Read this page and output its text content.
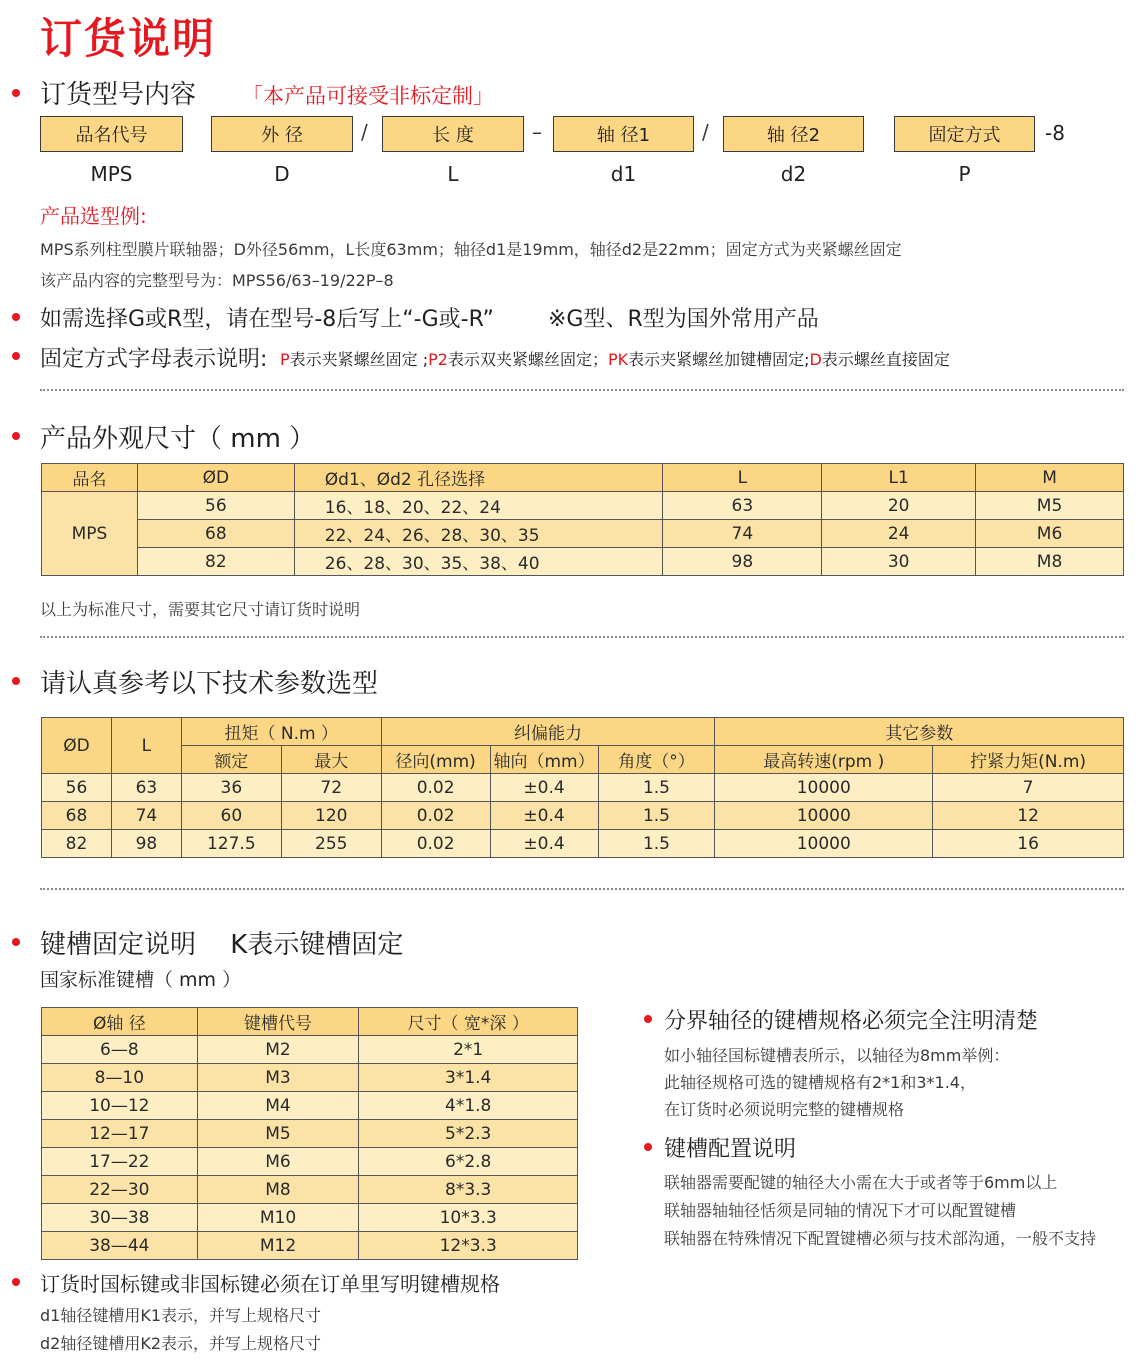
订货说明
订货型号内容 「本产品可接受非标定制」
品名代号	外 径	长 度	轴 径1	轴 径2	固定方式
/	–	/	-8
MPS	D	L	d1	d2	P
产品选型例:
MPS系列柱型膜片联轴器；D外径56mm，L长度63mm；轴径d1是19mm，轴径d2是22mm；固定方式为夹紧螺丝固定
该产品内容的完整型号为：MPS56/63–19/22P–8
如需选择G或R型，请在型号-8后写上“-G或-R” ※G型、R型为国外常用产品
固定方式字母表示说明: P表示夹紧螺丝固定 ;P2表示双夹紧螺丝固定；PK表示夹紧螺丝加键槽固定;D表示螺丝直接固定
产品外观尺寸（ mm ）
品名	ØD	Ød1、Ød2 孔径选择	L	L1	M
MPS	56	16、18、20、22、24	63	20	M5
	68	22、24、26、28、30、35	74	24	M6
	82	26、28、30、35、38、40	98	30	M8
以上为标准尺寸，需要其它尺寸请订货时说明
请认真参考以下技术参数选型
ØD	L	扭矩（ N.m ）		纠偏能力			其它参数	
		额定	最大	径向(mm)	轴向（mm）	角度（°）	最高转速(rpm )	拧紧力矩(N.m)
56	63	36	72	0.02	±0.4	1.5	10000	7
68	74	60	120	0.02	±0.4	1.5	10000	12
82	98	127.5	255	0.02	±0.4	1.5	10000	16
键槽固定说明　 K表示键槽固定
国家标准键槽（ mm ）
Ø轴 径	键槽代号	尺寸（ 宽*深 ）
6—8	M2	2*1
8—10	M3	3*1.4
10—12	M4	4*1.8
12—17	M5	5*2.3
17—22	M6	6*2.8
22—30	M8	8*3.3
30—38	M10	10*3.3
38—44	M12	12*3.3
分界轴径的键槽规格必须完全注明清楚
如小轴径国标键槽表所示，以轴径为8mm举例：
此轴径规格可选的键槽规格有2*1和3*1.4，
在订货时必须说明完整的键槽规格
键槽配置说明
联轴器需要配键的轴径大小需在大于或者等于6mm以上
联轴器轴轴径恬须是同轴的情况下才可以配置键槽
联轴器在特殊情况下配置键槽必须与技术部沟通，一般不支持
订货时国标键或非国标键必须在订单里写明键槽规格
d1轴径键槽用K1表示，并写上规格尺寸
d2轴径键槽用K2表示，并写上规格尺寸
